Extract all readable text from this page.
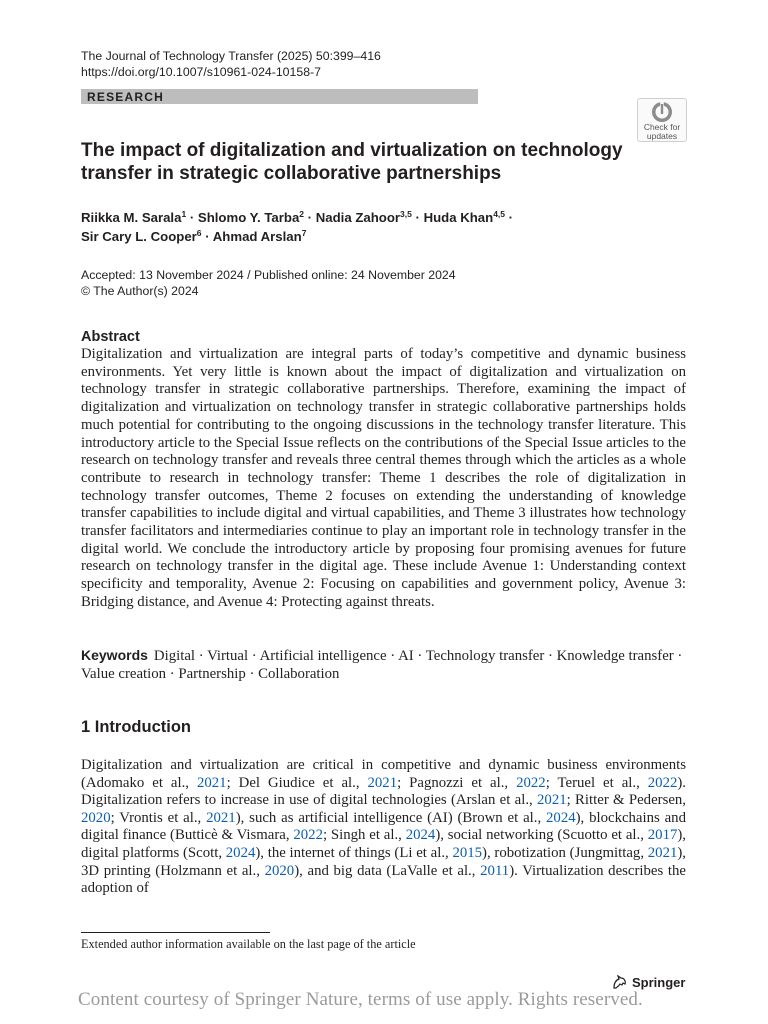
The Journal of Technology Transfer (2025) 50:399–416
https://doi.org/10.1007/s10961-024-10158-7
RESEARCH
Check for
updates
The impact of digitalization and virtualization on technology transfer in strategic collaborative partnerships
Riikka M. Sarala$^1$ · Shlomo Y. Tarba$^2$ · Nadia Zahoor$^{3,5}$ · Huda Khan$^{4,5}$ ·
Sir Cary L. Cooper$^6$ · Ahmad Arslan$^7$
Accepted: 13 November 2024 / Published online: 24 November 2024
© The Author(s) 2024
Abstract
Digitalization and virtualization are integral parts of today’s competitive and dynamic business environments. Yet very little is known about the impact of digitalization and virtualization on technology transfer in strategic collaborative partnerships. Therefore, examining the impact of digitalization and virtualization on technology transfer in strategic collaborative partnerships holds much potential for contributing to the ongoing discussions in the technology transfer literature. This introductory article to the Special Issue reflects on the contributions of the Special Issue articles to the research on technology transfer and reveals three central themes through which the articles as a whole contribute to research in technology transfer: Theme 1 describes the role of digitalization in technology transfer outcomes, Theme 2 focuses on extending the understanding of knowledge transfer capabilities to include digital and virtual capabilities, and Theme 3 illustrates how technology transfer facilitators and intermediaries continue to play an important role in technology transfer in the digital world. We conclude the introductory article by proposing four promising avenues for future research on technology transfer in the digital age. These include Avenue 1: Understanding context specificity and temporality, Avenue 2: Focusing on capabilities and government policy, Avenue 3: Bridging distance, and Avenue 4: Protecting against threats.
Keywords Digital · Virtual · Artificial intelligence · AI · Technology transfer · Knowledge transfer · Value creation · Partnership · Collaboration
1 Introduction
Digitalization and virtualization are critical in competitive and dynamic business environments (Adomako et al., 2021; Del Giudice et al., 2021; Pagnozzi et al., 2022; Teruel et al., 2022). Digitalization refers to increase in use of digital technologies (Arslan et al., 2021; Ritter & Pedersen, 2020; Vrontis et al., 2021), such as artificial intelligence (AI) (Brown et al., 2024), blockchains and digital finance (Butticè & Vismara, 2022; Singh et al., 2024), social networking (Scuotto et al., 2017), digital platforms (Scott, 2024), the internet of things (Li et al., 2015), robotization (Jungmittag, 2021), 3D printing (Holzmann et al., 2020), and big data (LaValle et al., 2011). Virtualization describes the adoption of
Extended author information available on the last page of the article
Springer
Content courtesy of Springer Nature, terms of use apply. Rights reserved.
